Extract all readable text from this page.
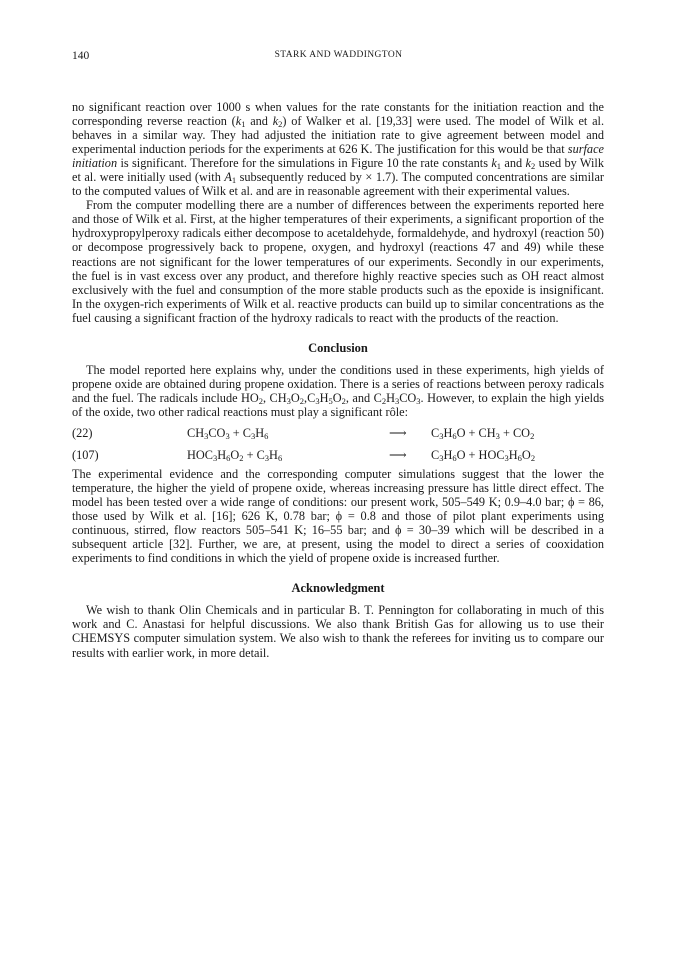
140	STARK AND WADDINGTON

no significant reaction over 1000 s when values for the rate constants for the initiation reaction and the corresponding reverse reaction ($k_1$ and $k_2$) of Walker et al. [19,33] were used. The model of Wilk et al. behaves in a similar way. They had adjusted the initiation rate to give agreement between model and experimental induction periods for the experiments at 626 K. The justification for this would be that surface initiation is significant. Therefore for the simulations in Figure 10 the rate constants $k_1$ and $k_2$ used by Wilk et al. were initially used (with $A_1$ subsequently reduced by × 1.7). The computed concentrations are similar to the computed values of Wilk et al. and are in reasonable agreement with their experimental values.

From the computer modelling there are a number of differences between the experiments reported here and those of Wilk et al. First, at the higher temperatures of their experiments, a significant proportion of the hydroxypropylperoxy radicals either decompose to acetaldehyde, formaldehyde, and hydroxyl (reaction 50) or decompose progressively back to propene, oxygen, and hydroxyl (reactions 47 and 49) while these reactions are not significant for the lower temperatures of our experiments. Secondly in our experiments, the fuel is in vast excess over any product, and therefore highly reactive species such as OH react almost exclusively with the fuel and consumption of the more stable products such as the epoxide is insignificant. In the oxygen-rich experiments of Wilk et al. reactive products can build up to similar concentrations as the fuel causing a significant fraction of the hydroxy radicals to react with the products of the reaction.

Conclusion

The model reported here explains why, under the conditions used in these experiments, high yields of propene oxide are obtained during propene oxidation. There is a series of reactions between peroxy radicals and the fuel. The radicals include $HO_2$, $CH_3O_2,C_3H_5O_2$, and $C_2H_3CO_3$. However, to explain the high yields of the oxide, two other radical reactions must play a significant rôle:

(22)	$CH_3CO_3 + C_3H_6$	⟶	$C_3H_6O + CH_3 + CO_2$
(107)	$HOC_3H_6O_2 + C_3H_6$	⟶	$C_3H_6O + HOC_3H_6O_2$

The experimental evidence and the corresponding computer simulations suggest that the lower the temperature, the higher the yield of propene oxide, whereas increasing pressure has little direct effect. The model has been tested over a wide range of conditions: our present work, 505–549 K; 0.9–4.0 bar; ϕ = 86, those used by Wilk et al. [16]; 626 K, 0.78 bar; ϕ = 0.8 and those of pilot plant experiments using continuous, stirred, flow reactors 505–541 K; 16–55 bar; and ϕ = 30–39 which will be described in a subsequent article [32]. Further, we are, at present, using the model to direct a series of cooxidation experiments to find conditions in which the yield of propene oxide is increased further.

Acknowledgment

We wish to thank Olin Chemicals and in particular B. T. Pennington for collaborating in much of this work and C. Anastasi for helpful discussions. We also thank British Gas for allowing us to use their CHEMSYS computer simulation system. We also wish to thank the referees for inviting us to compare our results with earlier work, in more detail.
